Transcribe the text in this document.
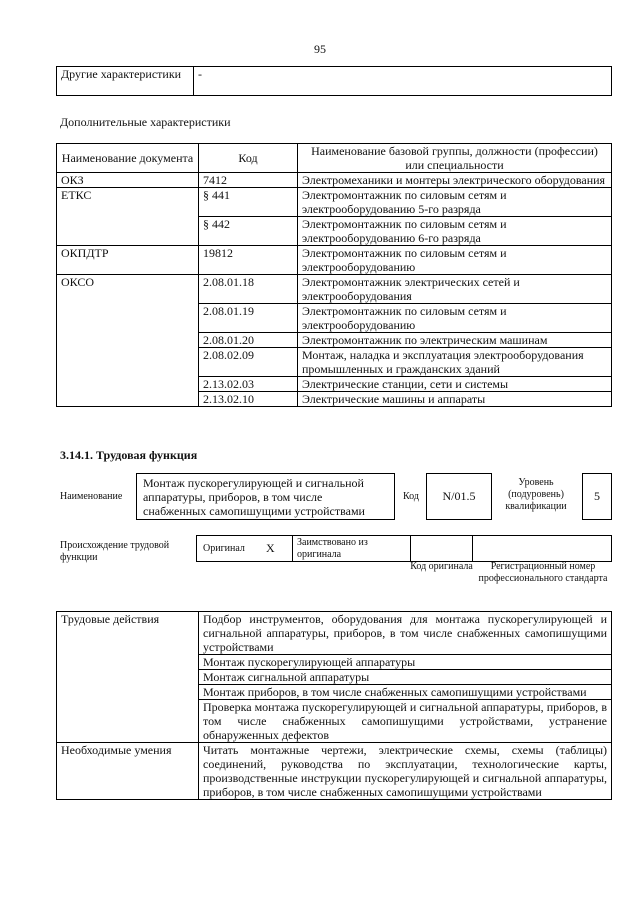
95
Другие характеристики	-
Дополнительные характеристики
Наименование документа	Код	Наименование базовой группы, должности (профессии) или специальности
ОКЗ	7412	Электромеханики и монтеры электрического оборудования
ЕТКС	§ 441	Электромонтажник по силовым сетям и электрооборудованию 5-го разряда
	§ 442	Электромонтажник по силовым сетям и электрооборудованию 6-го разряда
ОКПДТР	19812	Электромонтажник по силовым сетям и электрооборудованию
ОКСО	2.08.01.18	Электромонтажник электрических сетей и электрооборудования
	2.08.01.19	Электромонтажник по силовым сетям и электрооборудованию
	2.08.01.20	Электромонтажник по электрическим машинам
	2.08.02.09	Монтаж, наладка и эксплуатация электрооборудования промышленных и гражданских зданий
	2.13.02.03	Электрические станции, сети и системы
	2.13.02.10	Электрические машины и аппараты
3.14.1. Трудовая функция
Наименование
Монтаж пускорегулирующей и сигнальной аппаратуры, приборов, в том числе снабженных самопишущими устройствами
Код	N/01.5
Уровень (подуровень) квалификации
5
Происхождение трудовой функции
Оригинал X Заимствовано из оригинала
Код оригинала	Регистрационный номер профессионального стандарта
Трудовые действия	Подбор инструментов, оборудования для монтажа пускорегулирующей и сигнальной аппаратуры, приборов, в том числе снабженных самопишущими устройствами
	Монтаж пускорегулирующей аппаратуры
	Монтаж сигнальной аппаратуры
	Монтаж приборов, в том числе снабженных самопишущими устройствами
	Проверка монтажа пускорегулирующей и сигнальной аппаратуры, приборов, в том числе снабженных самопишущими устройствами, устранение обнаруженных дефектов
Необходимые умения	Читать монтажные чертежи, электрические схемы, схемы (таблицы) соединений, руководства по эксплуатации, технологические карты, производственные инструкции пускорегулирующей и сигнальной аппаратуры, приборов, в том числе снабженных самопишущими устройствами
